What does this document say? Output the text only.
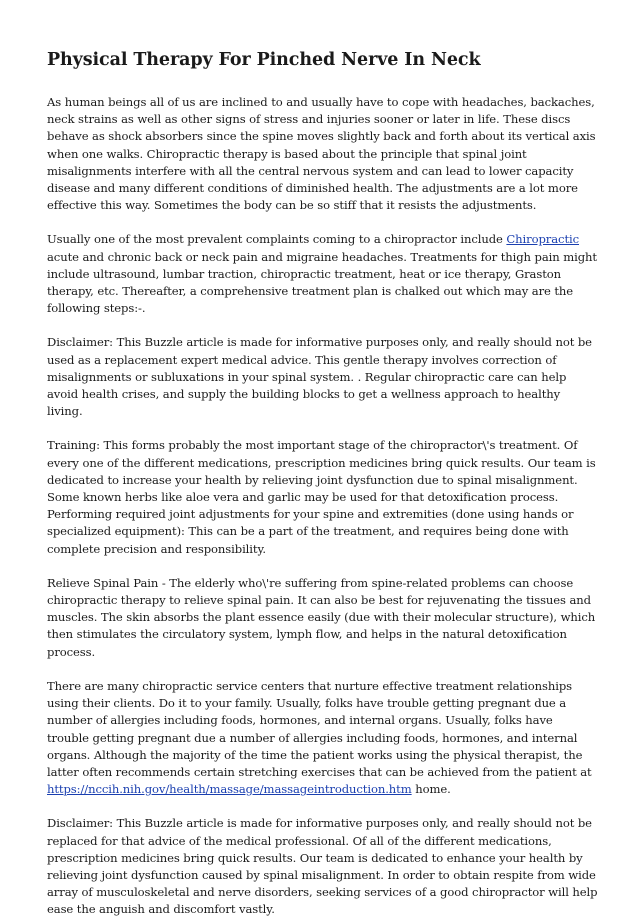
Physical Therapy For Pinched Nerve In Neck

As human beings all of us are inclined to and usually have to cope with headaches, backaches, neck strains as well as other signs of stress and injuries sooner or later in life. These discs behave as shock absorbers since the spine moves slightly back and forth about its vertical axis when one walks. Chiropractic therapy is based about the principle that spinal joint misalignments interfere with all the central nervous system and can lead to lower capacity disease and many different conditions of diminished health. The adjustments are a lot more effective this way. Sometimes the body can be so stiff that it resists the adjustments.

Usually one of the most prevalent complaints coming to a chiropractor include Chiropractic acute and chronic back or neck pain and migraine headaches. Treatments for thigh pain might include ultrasound, lumbar traction, chiropractic treatment, heat or ice therapy, Graston therapy, etc. Thereafter, a comprehensive treatment plan is chalked out which may are the following steps:-.

Disclaimer: This Buzzle article is made for informative purposes only, and really should not be used as a replacement expert medical advice. This gentle therapy involves correction of misalignments or subluxations in your spinal system. . Regular chiropractic care can help avoid health crises, and supply the building blocks to get a wellness approach to healthy living.

Training: This forms probably the most important stage of the chiropractor\'s treatment. Of every one of the different medications, prescription medicines bring quick results. Our team is dedicated to increase your health by relieving joint dysfunction due to spinal misalignment. Some known herbs like aloe vera and garlic may be used for that detoxification process. Performing required joint adjustments for your spine and extremities (done using hands or specialized equipment): This can be a part of the treatment, and requires being done with complete precision and responsibility.

Relieve Spinal Pain - The elderly who\'re suffering from spine-related problems can choose chiropractic therapy to relieve spinal pain. It can also be best for rejuvenating the tissues and muscles. The skin absorbs the plant essence easily (due with their molecular structure), which then stimulates the circulatory system, lymph flow, and helps in the natural detoxification process.

There are many chiropractic service centers that nurture effective treatment relationships using their clients. Do it to your family. Usually, folks have trouble getting pregnant due a number of allergies including foods, hormones, and internal organs. Usually, folks have trouble getting pregnant due a number of allergies including foods, hormones, and internal organs. Although the majority of the time the patient works using the physical therapist, the latter often recommends certain stretching exercises that can be achieved from the patient at https://nccih.nih.gov/health/massage/massageintroduction.htm home.

Disclaimer: This Buzzle article is made for informative purposes only, and really should not be replaced for that advice of the medical professional. Of all of the different medications, prescription medicines bring quick results. Our team is dedicated to enhance your health by relieving joint dysfunction caused by spinal misalignment. In order to obtain respite from wide array of musculoskeletal and nerve disorders, seeking services of a good chiropractor will help ease the anguish and discomfort vastly.
